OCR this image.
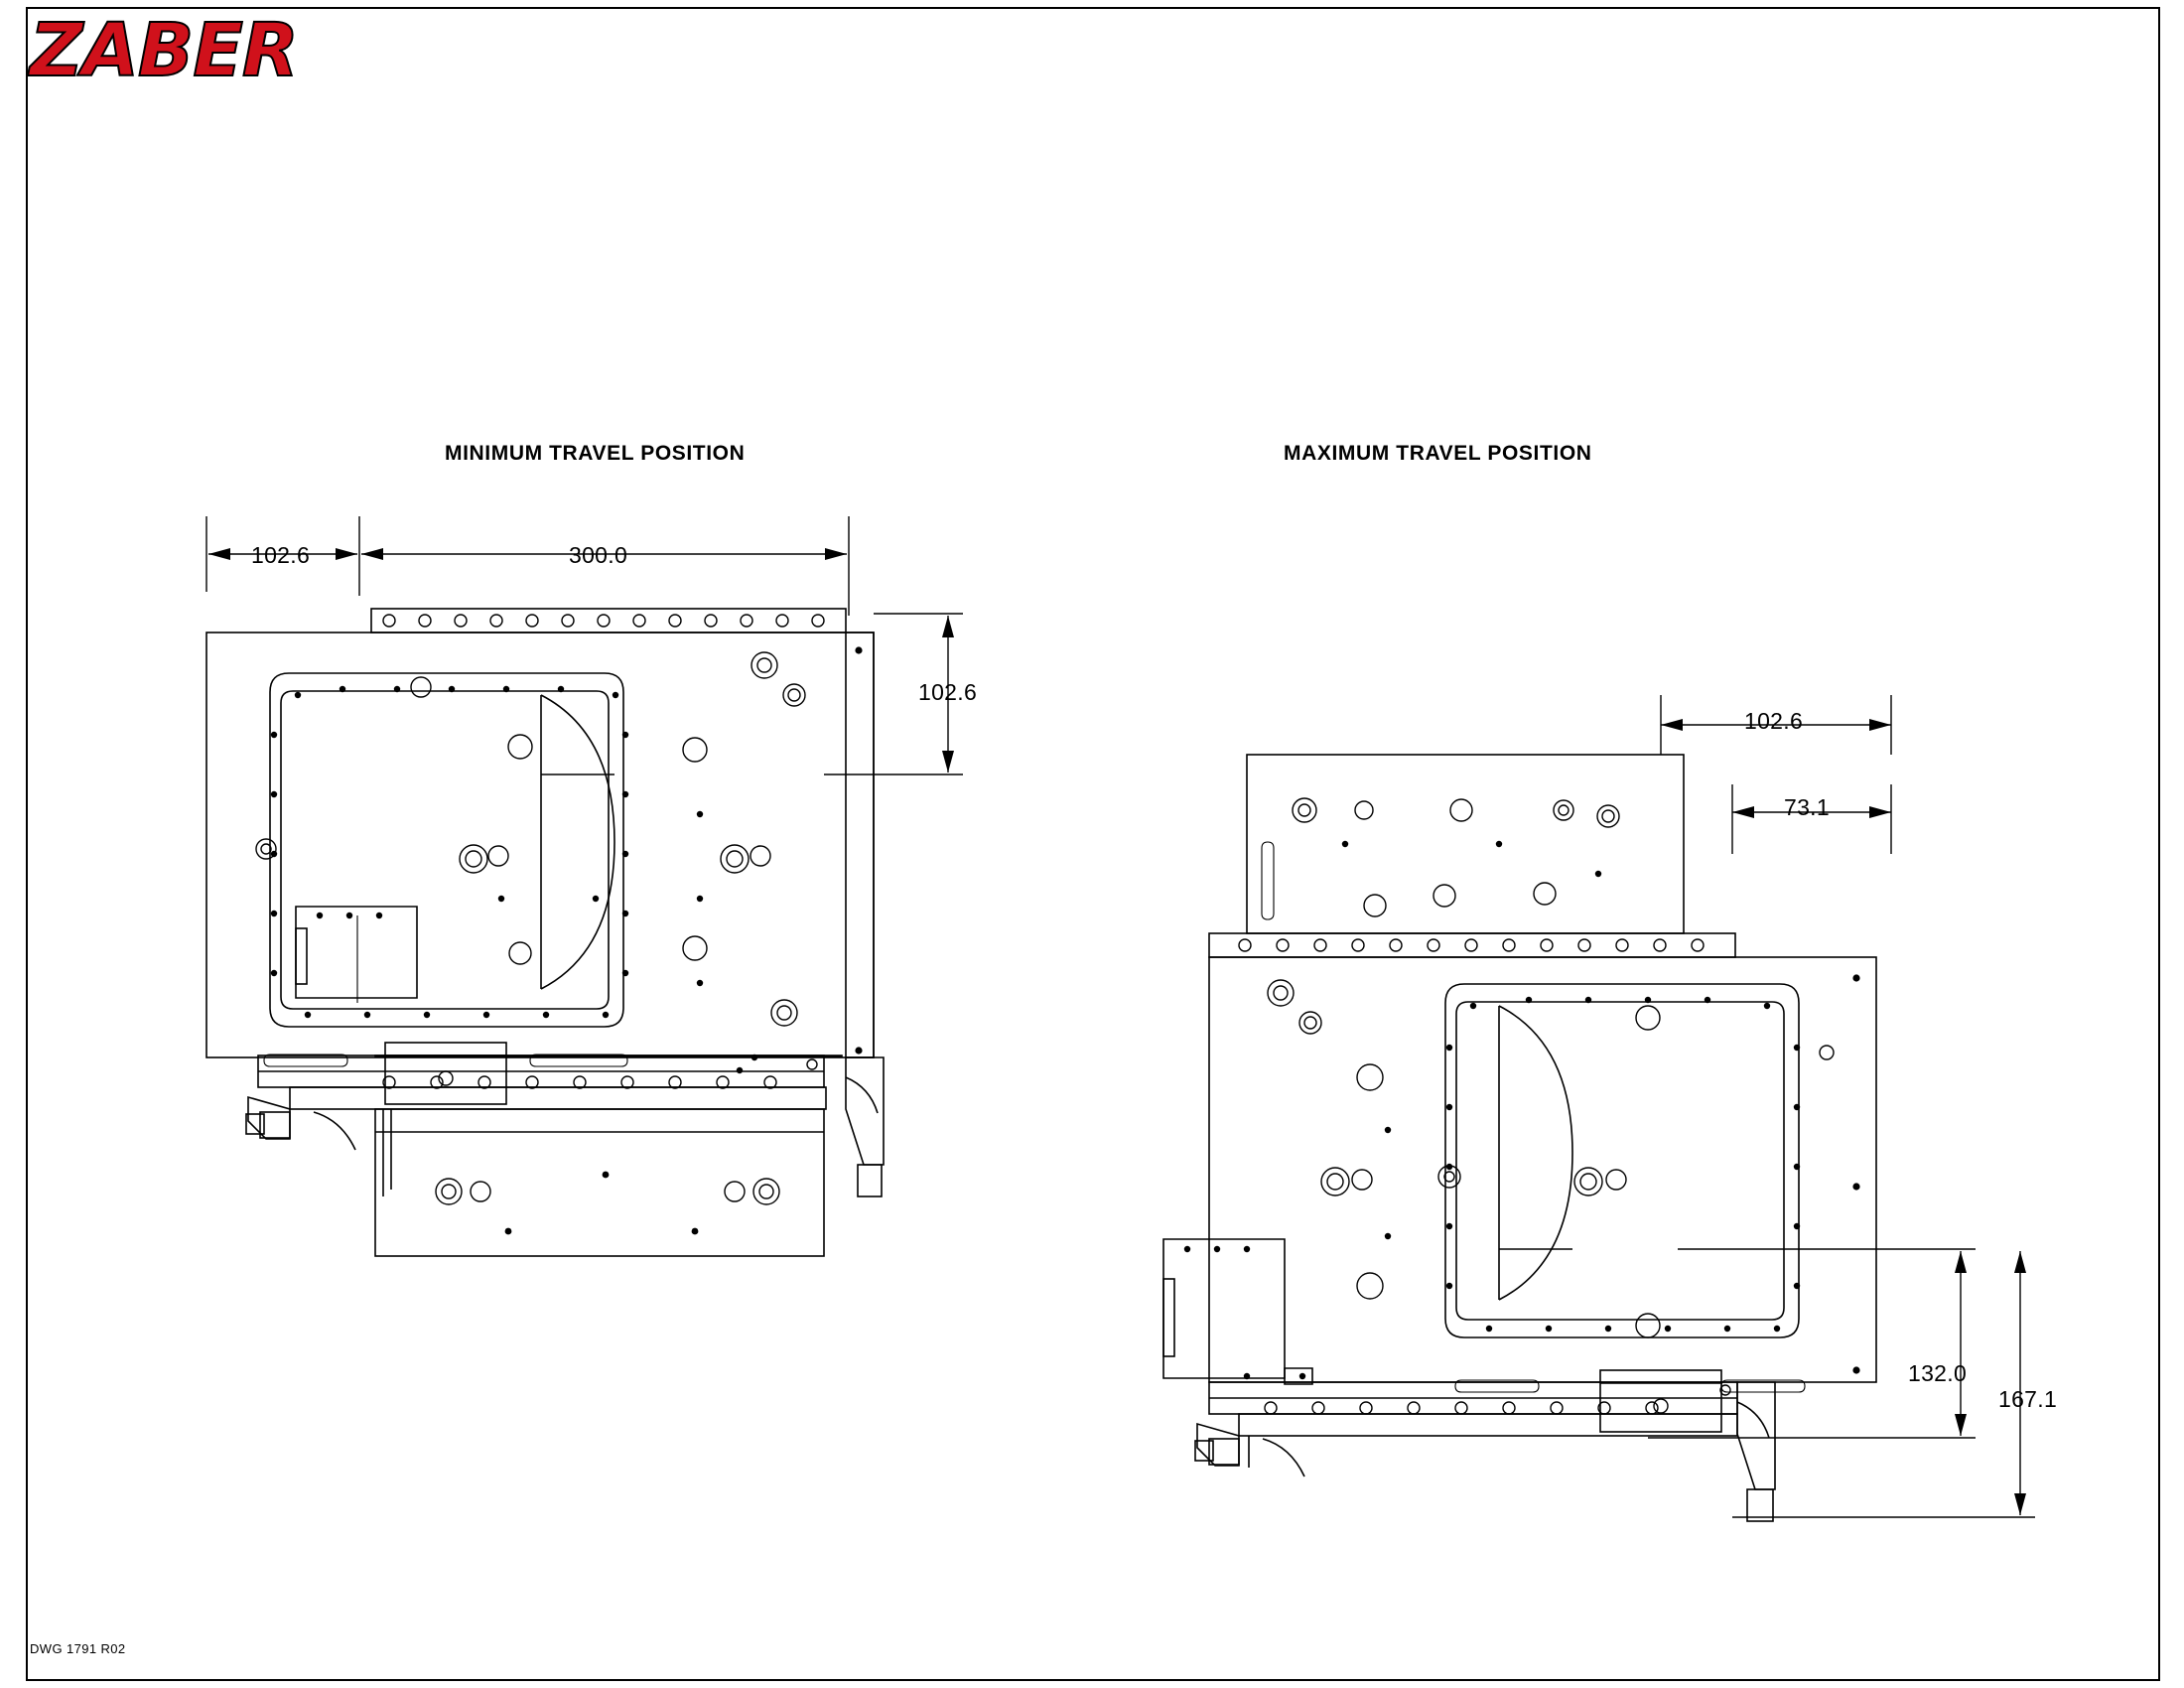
ZABER
MINIMUM TRAVEL POSITION	MAXIMUM TRAVEL POSITION
102.6	300.0
102.6
102.6
73.1
132.0
167.1
DWG 1791 R02
